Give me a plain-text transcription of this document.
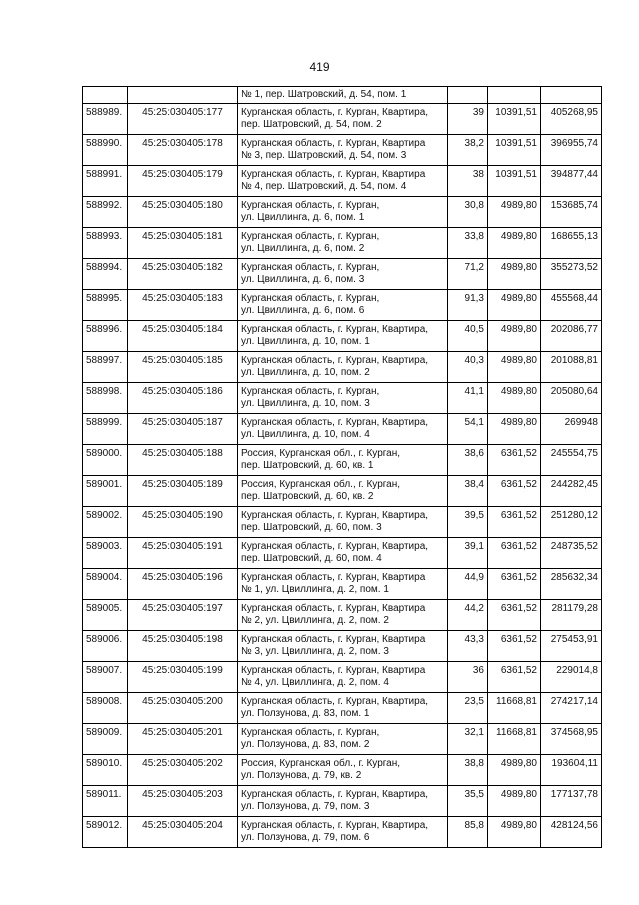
419

		№ 1, пер. Шатровский, д. 54, пом. 1			

588989.	45:25:030405:177	Курганская область, г. Курган, Квартира,
пер. Шатровский, д. 54, пом. 2	39	10391,51	405268,95
588990.	45:25:030405:178	Курганская область, г. Курган, Квартира
№ 3, пер. Шатровский, д. 54, пом. 3	38,2	10391,51	396955,74
588991.	45:25:030405:179	Курганская область, г. Курган, Квартира
№ 4, пер. Шатровский, д. 54, пом. 4	38	10391,51	394877,44
588992.	45:25:030405:180	Курганская область, г. Курган,
ул. Цвиллинга, д. 6, пом. 1	30,8	4989,80	153685,74
588993.	45:25:030405:181	Курганская область, г. Курган,
ул. Цвиллинга, д. 6, пом. 2	33,8	4989,80	168655,13
588994.	45:25:030405:182	Курганская область, г. Курган,
ул. Цвиллинга, д. 6, пом. 3	71,2	4989,80	355273,52
588995.	45:25:030405:183	Курганская область, г. Курган,
ул. Цвиллинга, д. 6, пом. 6	91,3	4989,80	455568,44
588996.	45:25:030405:184	Курганская область, г. Курган, Квартира,
ул. Цвиллинга, д. 10, пом. 1	40,5	4989,80	202086,77
588997.	45:25:030405:185	Курганская область, г. Курган, Квартира,
ул. Цвиллинга, д. 10, пом. 2	40,3	4989,80	201088,81
588998.	45:25:030405:186	Курганская область, г. Курган,
ул. Цвиллинга, д. 10, пом. 3	41,1	4989,80	205080,64
588999.	45:25:030405:187	Курганская область, г. Курган, Квартира,
ул. Цвиллинга, д. 10, пом. 4	54,1	4989,80	269948
589000.	45:25:030405:188	Россия, Курганская обл., г. Курган,
пер. Шатровский, д. 60, кв. 1	38,6	6361,52	245554,75
589001.	45:25:030405:189	Россия, Курганская обл., г. Курган,
пер. Шатровский, д. 60, кв. 2	38,4	6361,52	244282,45
589002.	45:25:030405:190	Курганская область, г. Курган, Квартира,
пер. Шатровский, д. 60, пом. 3	39,5	6361,52	251280,12
589003.	45:25:030405:191	Курганская область, г. Курган, Квартира,
пер. Шатровский, д. 60, пом. 4	39,1	6361,52	248735,52
589004.	45:25:030405:196	Курганская область, г. Курган, Квартира
№ 1, ул. Цвиллинга, д. 2, пом. 1	44,9	6361,52	285632,34
589005.	45:25:030405:197	Курганская область, г. Курган, Квартира
№ 2, ул. Цвиллинга, д. 2, пом. 2	44,2	6361,52	281179,28
589006.	45:25:030405:198	Курганская область, г. Курган, Квартира
№ 3, ул. Цвиллинга, д. 2, пом. 3	43,3	6361,52	275453,91
589007.	45:25:030405:199	Курганская область, г. Курган, Квартира
№ 4, ул. Цвиллинга, д. 2, пом. 4	36	6361,52	229014,8
589008.	45:25:030405:200	Курганская область, г. Курган, Квартира,
ул. Ползунова, д. 83, пом. 1	23,5	11668,81	274217,14
589009.	45:25:030405:201	Курганская область, г. Курган,
ул. Ползунова, д. 83, пом. 2	32,1	11668,81	374568,95
589010.	45:25:030405:202	Россия, Курганская обл., г. Курган,
ул. Ползунова, д. 79, кв. 2	38,8	4989,80	193604,11
589011.	45:25:030405:203	Курганская область, г. Курган, Квартира,
ул. Ползунова, д. 79, пом. 3	35,5	4989,80	177137,78
589012.	45:25:030405:204	Курганская область, г. Курган, Квартира,
ул. Ползунова, д. 79, пом. 6	85,8	4989,80	428124,56
